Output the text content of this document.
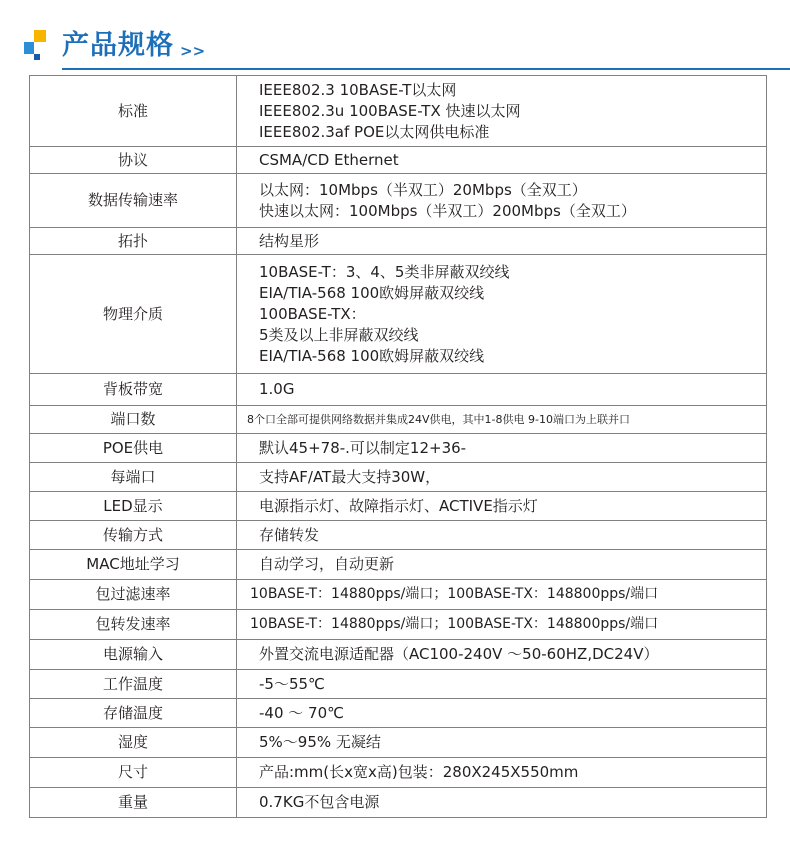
产品规格 >>
标准	IEEE802.3 10BASE-T以太网
IEEE802.3u 100BASE-TX 快速以太网
IEEE802.3af POE以太网供电标准

协议	CSMA/CD Ethernet

数据传输速率	以太网：10Mbps（半双工）20Mbps（全双工）
快速以太网：100Mbps（半双工）200Mbps（全双工）

拓扑	结构星形

物理介质	10BASE-T：3、4、5类非屏蔽双绞线
EIA/TIA-568 100欧姆屏蔽双绞线
100BASE-TX：
5类及以上非屏蔽双绞线
EIA/TIA-568 100欧姆屏蔽双绞线

背板带宽	1.0G

端口数	8个口全部可提供网络数据并集成24V供电，其中1-8供电 9-10端口为上联并口

POE供电	默认45+78-.可以制定12+36-

每端口	支持AF/AT最大支持30W，

LED显示	电源指示灯、故障指示灯、ACTIVE指示灯

传输方式	存储转发

MAC地址学习	自动学习，自动更新

包过滤速率	10BASE-T：14880pps/端口；100BASE-TX：148800pps/端口

包转发速率	10BASE-T：14880pps/端口；100BASE-TX：148800pps/端口

电源输入	外置交流电源适配器（AC100-240V ～50-60HZ,DC24V）

工作温度	-5～55℃

存储温度	-40 ～ 70℃

湿度	5%～95% 无凝结

尺寸	产品:mm(长x宽x高)包装：280X245X550mm

重量	0.7KG不包含电源
